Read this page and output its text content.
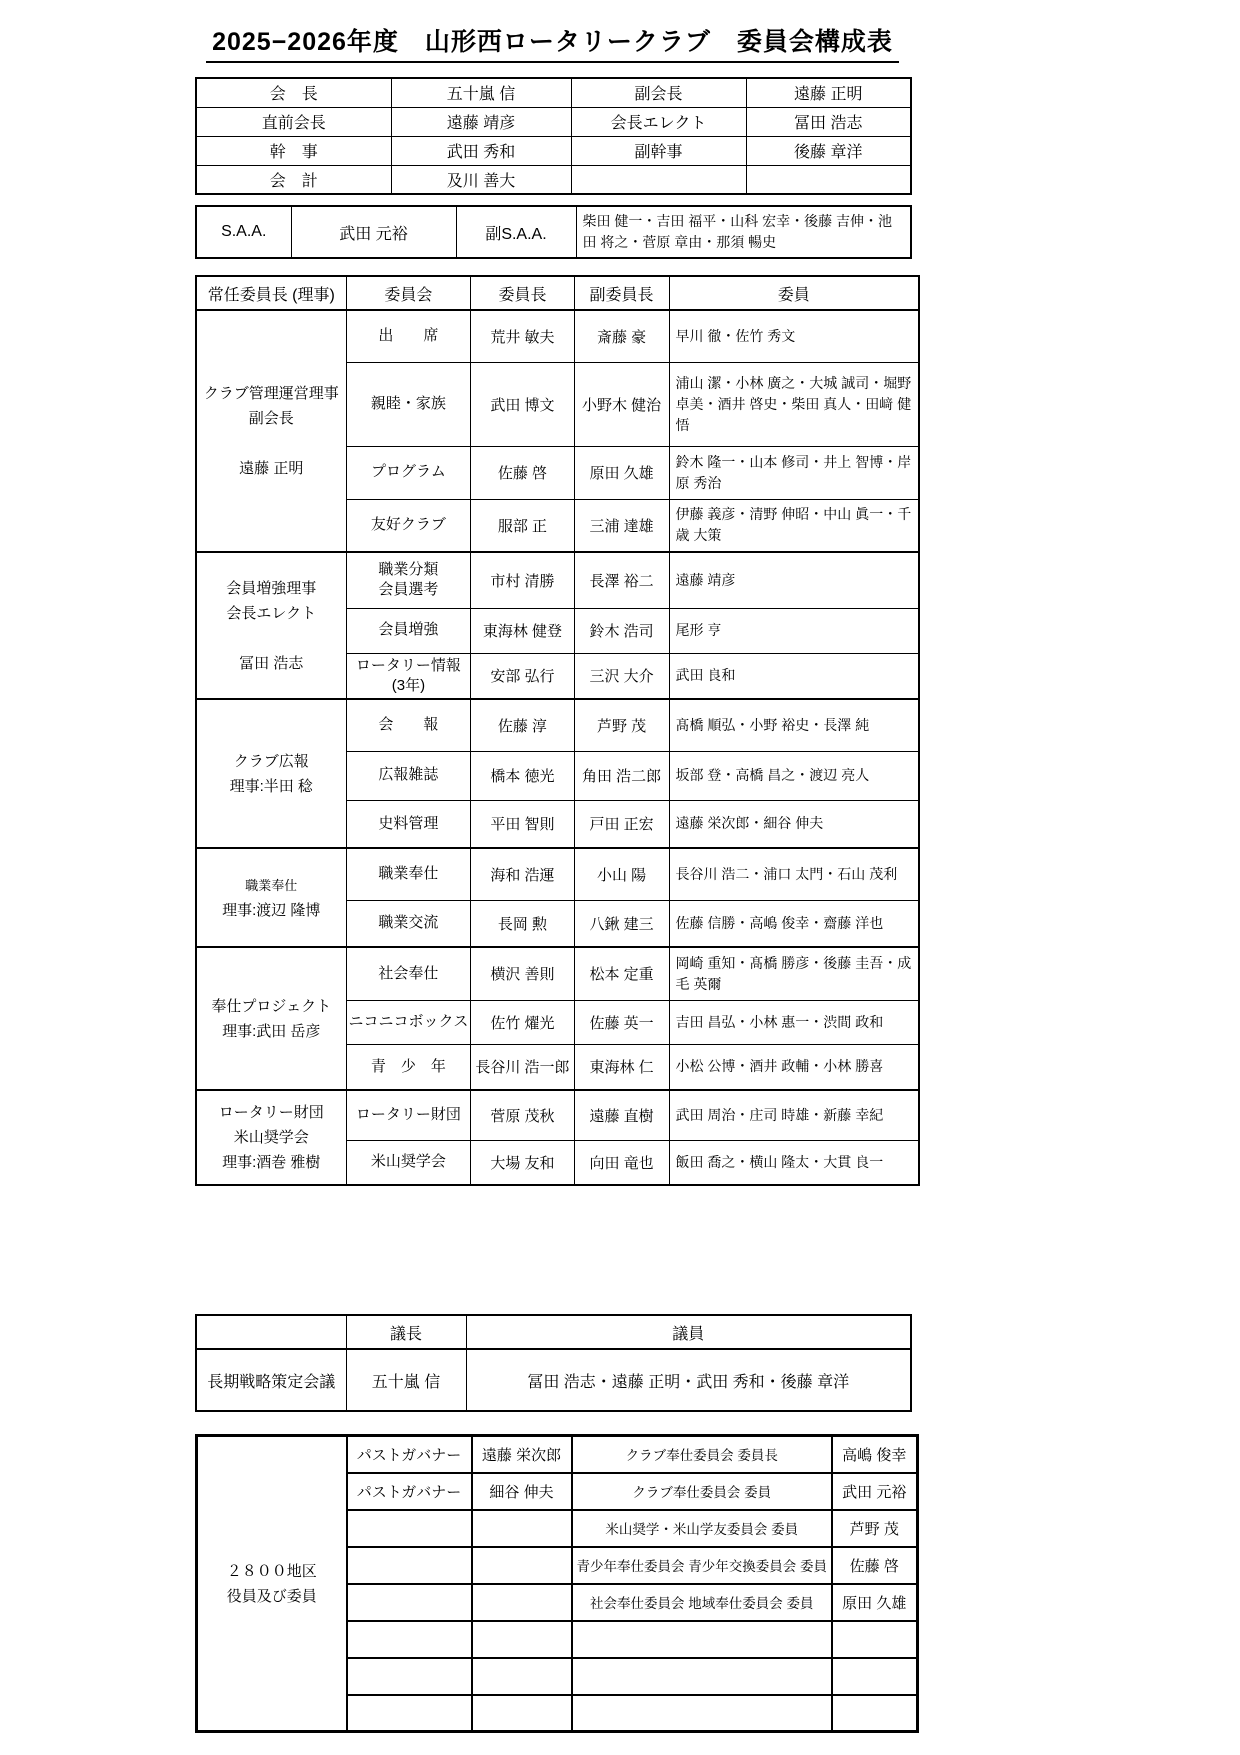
2025−2026年度　山形西ロータリークラブ　委員会構成表
会　長	五十嵐 信	副会長	遠藤 正明
直前会長	遠藤 靖彦	会長エレクト	冨田 浩志
幹　事	武田 秀和	副幹事	後藤 章洋
会　計	及川 善大		
S.A.A.	武田 元裕	副S.A.A.	柴田 健一・吉田 福平・山科 宏幸・後藤 吉伸・池田 将之・菅原 章由・那須 暢史
常任委員長 (理事)	委員会	委員長	副委員長	委員

クラブ管理運営理事
副会長
遠藤 正明	出　　席	荒井 敏夫	斎藤 豪	早川 徹・佐竹 秀文

	親睦・家族	武田 博文	小野木 健治	浦山 潔・小林 廣之・大城 誠司・堀野 卓美・酒井 啓史・柴田 真人・田﨑 健悟

	プログラム	佐藤 啓	原田 久雄	鈴木 隆一・山本 修司・井上 智博・岸原 秀治

	友好クラブ	服部 正	三浦 達雄	伊藤 義彦・清野 伸昭・中山 眞一・千歳 大策

会員増強理事
会長エレクト
冨田 浩志

職業分類
会員選考	市村 清勝	長澤 裕二	遠藤 靖彦

	会員増強	東海林 健登	鈴木 浩司	尾形 亨

	ロータリー情報
(3年)	安部 弘行	三沢 大介	武田 良和

クラブ広報
理事:半田 稔	会　　報	佐藤 淳	芦野 茂	髙橋 順弘・小野 裕史・長澤 純

	広報雑誌	橋本 徳光	角田 浩二郎	坂部 登・高橋 昌之・渡辺 亮人

	史料管理	平田 智則	戸田 正宏	遠藤 栄次郎・細谷 伸夫

職業奉仕
理事:渡辺 隆博	職業奉仕	海和 浩運	小山 陽	長谷川 浩二・浦口 太門・石山 茂利

	職業交流	長岡 勲	八鍬 建三	佐藤 信勝・高嶋 俊幸・齋藤 洋也

奉仕プロジェクト
理事:武田 岳彦	社会奉仕	横沢 善則	松本 定重	岡崎 重知・髙橋 勝彦・後藤 圭吾・成毛 英爾

	ニコニコボックス	佐竹 燿光	佐藤 英一	吉田 昌弘・小林 惠一・渋間 政和

	青　少　年	長谷川 浩一郎	東海林 仁	小松 公博・酒井 政輔・小林 勝喜

ロータリー財団
米山奨学会
理事:酒巻 雅樹	ロータリー財団	菅原 茂秋	遠藤 直樹	武田 周治・庄司 時雄・新藤 幸紀

	米山奨学会	大場 友和	向田 竜也	飯田 喬之・横山 隆太・大貫 良一
	議長	議員
長期戦略策定会議	五十嵐 信	冨田 浩志・遠藤 正明・武田 秀和・後藤 章洋
２８００地区
役員及び委員	パストガバナー	遠藤 栄次郎	クラブ奉仕委員会 委員長	高嶋 俊幸
	パストガバナー	細谷 伸夫	クラブ奉仕委員会 委員	武田 元裕
			米山奨学・米山学友委員会 委員	芦野 茂
			青少年奉仕委員会 青少年交換委員会 委員	佐藤 啓
			社会奉仕委員会 地域奉仕委員会 委員	原田 久雄
